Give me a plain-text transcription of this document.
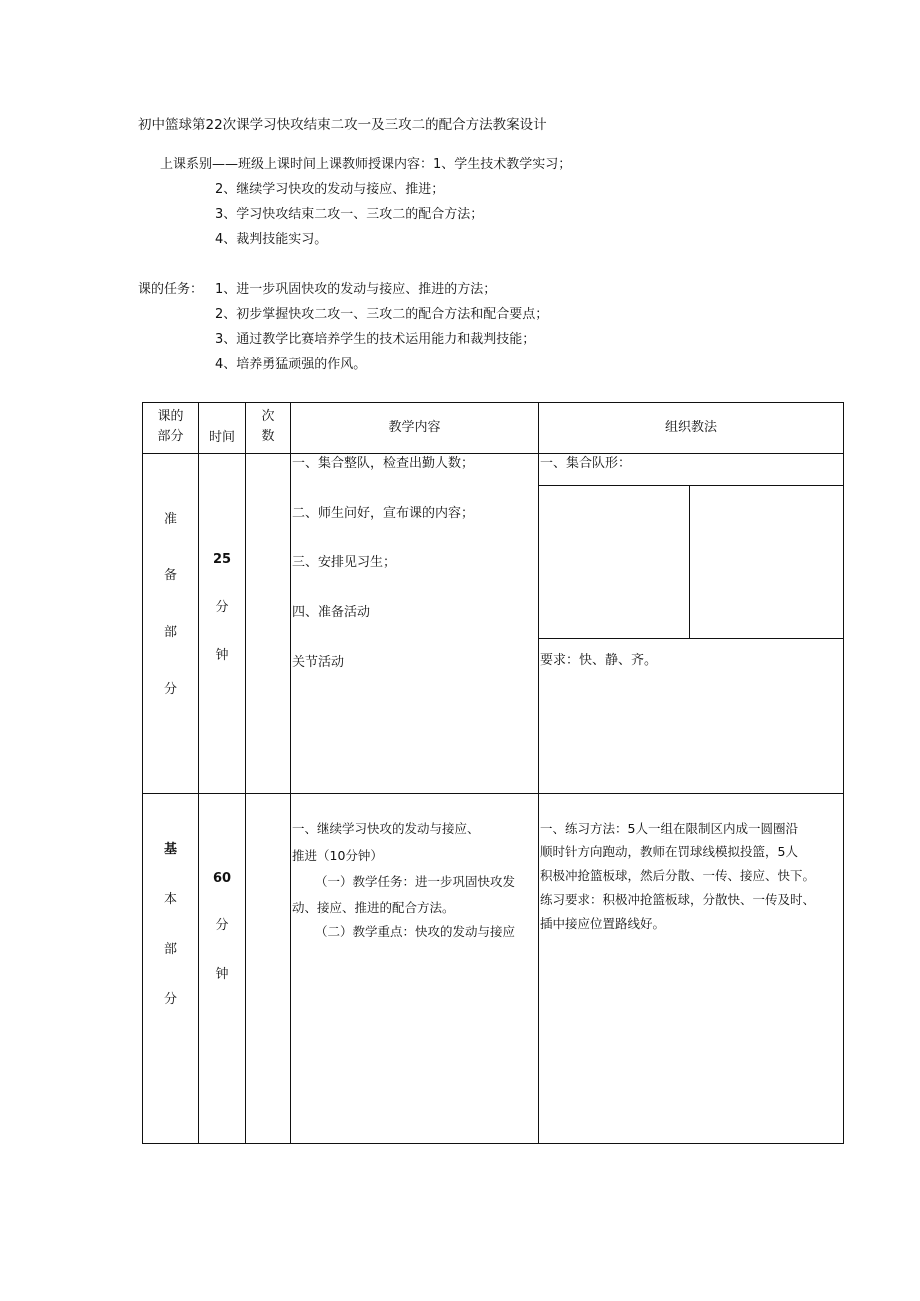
初中篮球第22次课学习快攻结束二攻一及三攻二的配合方法教案设计
上课系别——班级上课时间上课教师授课内容：1、学生技术教学实习；
2、继续学习快攻的发动与接应、推进；
3、学习快攻结束二攻一、三攻二的配合方法；
4、裁判技能实习。
课的任务： 1、进一步巩固快攻的发动与接应、推进的方法；
2、初步掌握快攻二攻一、三攻二的配合方法和配合要点；
3、通过教学比赛培养学生的技术运用能力和裁判技能；
4、培养勇猛顽强的作风。
课的
部分	时间
次
数
教学内容	组织教法
准
备
部
分
25
分
钟
一、集合整队，检查出勤人数；
二、师生问好，宣布课的内容；
三、安排见习生；
四、准备活动
关节活动
一、集合队形：
要求：快、静、齐。
基
本
部
分
60
分
钟
一、继续学习快攻的发动与接应、
推进（10分钟）
（一）教学任务：进一步巩固快攻发
动、接应、推进的配合方法。
（二）教学重点：快攻的发动与接应
一、练习方法：5人一组在限制区内成一圆圈沿
顺时针方向跑动，教师在罚球线模拟投篮，5人
积极冲抢篮板球，然后分散、一传、接应、快下。
练习要求：积极冲抢篮板球，分散快、一传及时、
插中接应位置路线好。
